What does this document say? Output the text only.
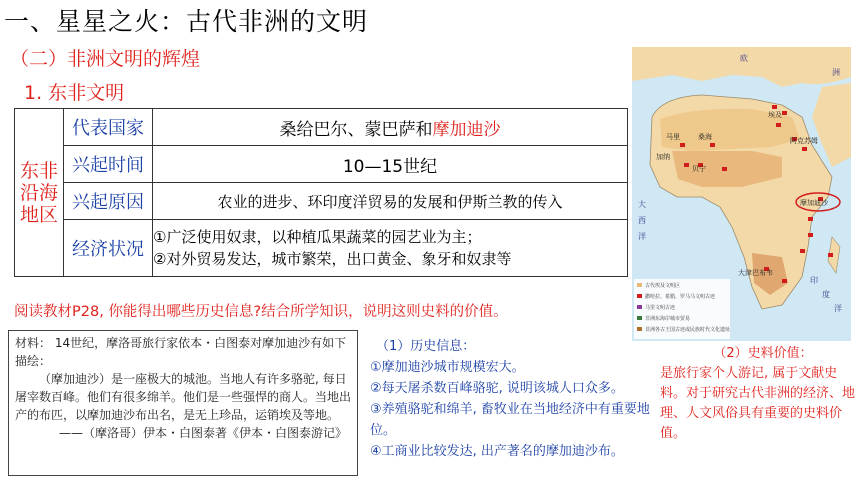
一、星星之火：古代非洲的文明
（二）非洲文明的辉煌
1. 东非文明
东非
沿海
地区	代表国家	桑给巴尔、蒙巴萨和摩加迪沙
	兴起时间	10—15世纪
	兴起原因	农业的进步、环印度洋贸易的发展和伊斯兰教的传入
	经济状况	①广泛使用奴隶，以种植瓜果蔬菜的园艺业为主；
②对外贸易发达，城市繁荣，出口黄金、象牙和奴隶等
阅读教材P28, 你能得出哪些历史信息?结合所学知识，说明这则史料的价值。

材料： 14世纪，摩洛哥旅行家依本・白图泰对摩加迪沙有如下描绘：

（摩加迪沙）是一座极大的城池。当地人有许多骆驼, 每日屠宰数百峰。他们有很多绵羊。他们是一些强悍的商人。当地出产的布匹，以摩加迪沙布出名，是无上珍品，运销埃及等地。

——（摩洛哥）伊本・白图泰著《伊本・白图泰游记》

（1）历史信息：
①摩加迪沙城市规模宏大。
②每天屠杀数百峰骆驼, 说明该城人口众多。
③养殖骆驼和绵羊, 畜牧业在当地经济中有重要地位。
④工商业比较发达, 出产著名的摩加迪沙布。
（2）史料价值：
是旅行家个人游记, 属于文献史料。对于研究古代非洲的经济、地理、人文风俗具有重要的史料价值。
欧
洲
埃及
阿克苏姆
马里	桑海
加纳
贝宁
摩加迪沙
大津巴布韦
大
西
洋
印
度
洋
古代埃及文明区
撒哈拉、希腊、罗马马文明古迹
马里文明古迹
非洲东海岸城市贸易
非洲各古王国古迹或民族时代文化遗址
